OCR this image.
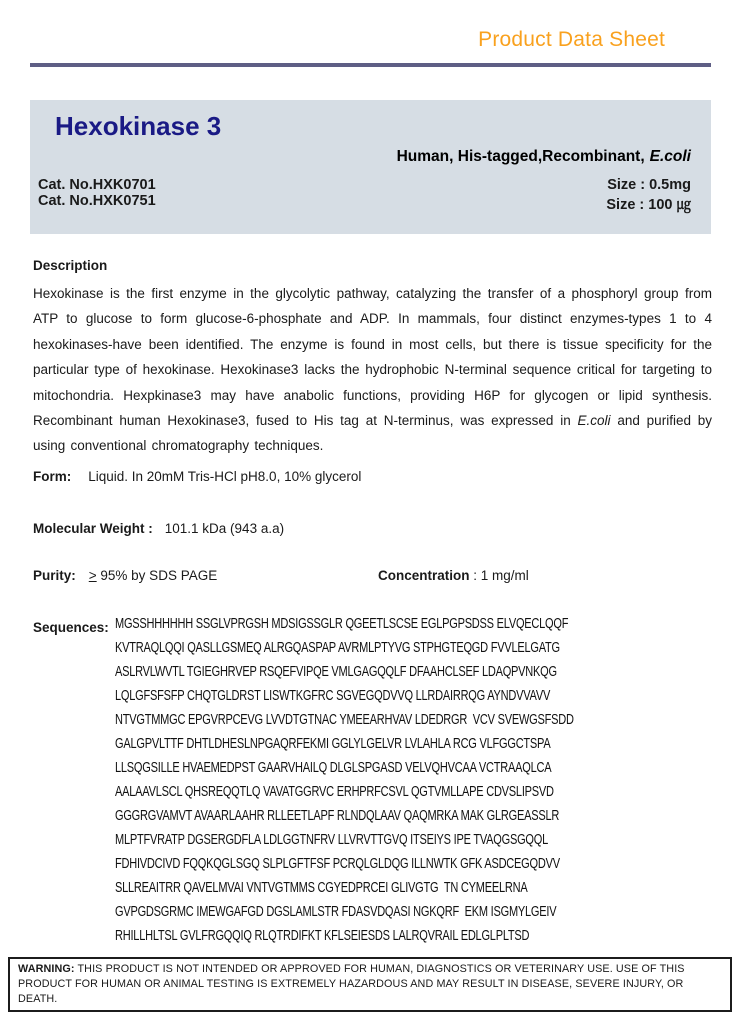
Product Data Sheet
Hexokinase 3
Human, His-tagged,Recombinant, E.coli
Cat. No.HXK0701
Cat. No.HXK0751
Size : 0.5mg
Size : 100 ㎍
Description
Hexokinase is the first enzyme in the glycolytic pathway, catalyzing the transfer of a phosphoryl group from ATP to glucose to form glucose-6-phosphate and ADP. In mammals, four distinct enzymes-types 1 to 4 hexokinases-have been identified. The enzyme is found in most cells, but there is tissue specificity for the particular type of hexokinase. Hexokinase3 lacks the hydrophobic N-terminal sequence critical for targeting to mitochondria. Hexpkinase3 may have anabolic functions, providing H6P for glycogen or lipid synthesis. Recombinant human Hexokinase3, fused to His tag at N-terminus, was expressed in E.coli and purified by using conventional chromatography techniques.
Form: Liquid. In 20mM Tris-HCl pH8.0, 10% glycerol
Molecular Weight : 101.1 kDa (943 a.a)
Purity: > 95% by SDS PAGE	Concentration : 1 mg/ml
Sequences: MGSSHHHHHH SSGLVPRGSH MDSIGSSGLR QGEETLSCSE EGLPGPSDSS ELVQECLQQF
KVTRAQLQQI QASLLGSMEQ ALRGQASPAP AVRMLPTYVG STPHGTEQGD FVVLELGATG
ASLRVLWVTL TGIEGHRVEP RSQEFVIPQE VMLGAGQQLF DFAAHCLSEF LDAQPVNKQG
LQLGFSFSFP CHQTGLDRST LISWTKGFRC SGVEGQDVVQ LLRDAIRRQG AYNDVVAVV
NTVGTMMGC EPGVRPCEVG LVVDTGTNAC YMEEARHVAV LDEDRGR  VCV SVEWGSFSDD
GALGPVLTTF DHTLDHESLNPGAQRFEKMI GGLYLGELVR LVLAHLA RCG VLFGGCTSPA
LLSQGSILLE HVAEMEDPST GAARVHAILQ DLGLSPGASD VELVQHVCAA VCTRAAQLCA
AALAAVLSCL QHSREQQTLQ VAVATGGRVC ERHPRFCSVL QGTVMLLAPE CDVSLIPSVD
GGGRGVAMVT AVAARLAAHR RLLEETLAPF RLNDQLAAV QAQMRKA MAK GLRGEASSLR
MLPTFVRATP DGSERGDFLA LDLGGTNFRV LLVRVTTGVQ ITSEIYS IPE TVAQGSGQQL
FDHIVDCIVD FQQKQGLSGQ SLPLGFTFSF PCRQLGLDQG ILLNWTK GFK ASDCEGQDVV
SLLREAITRR QAVELMVAI VNTVGTMMS CGYEDPRCEI GLIVGTG  TN CYMEELRNA
GVPGDSGRMC IMEWGAFGD DGSLAMLSTR FDASVDQASI NGKQRF  EKM ISGMYLGEIV
RHILLHLTSL GVLFRGQQIQ RLQTRDIFKT KFLSEIESDS LALRQVRAIL EDLGLPLTSD
WARNING: THIS PRODUCT IS NOT INTENDED OR APPROVED FOR HUMAN, DIAGNOSTICS OR VETERINARY USE. USE OF THIS PRODUCT FOR HUMAN OR ANIMAL TESTING IS EXTREMELY HAZARDOUS AND MAY RESULT IN DISEASE, SEVERE INJURY, OR DEATH.
